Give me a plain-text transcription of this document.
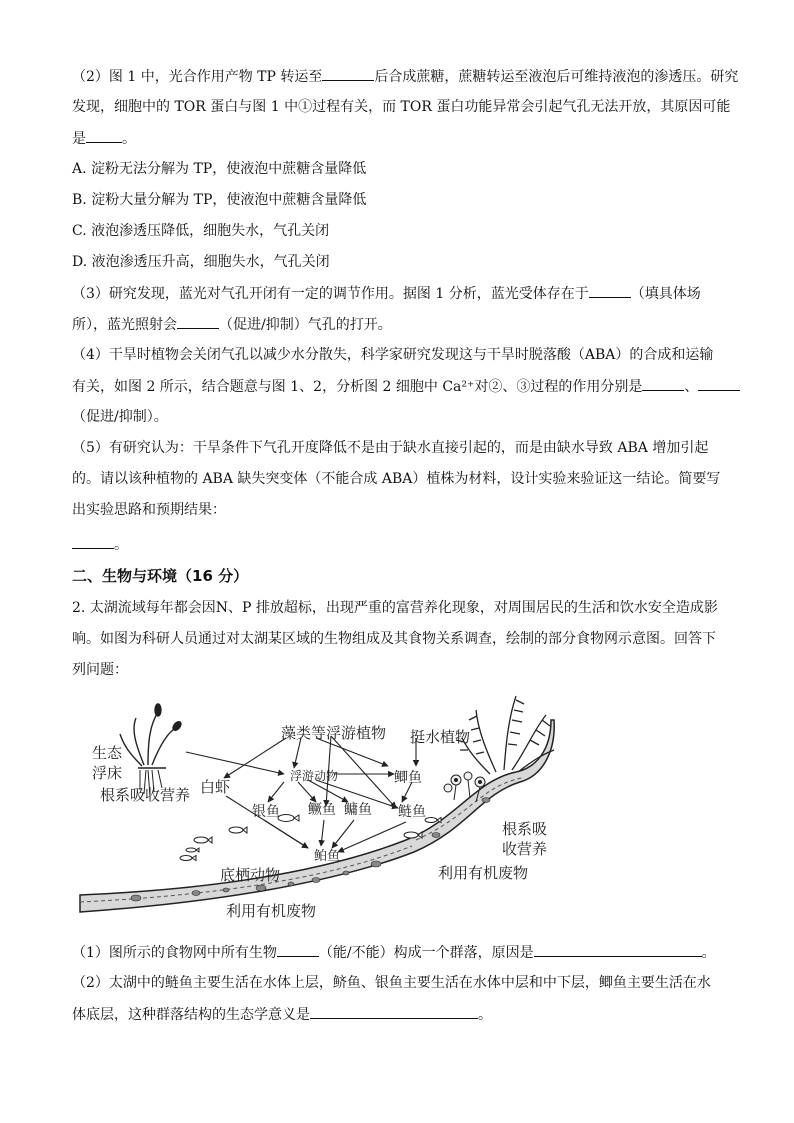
（2）图 1 中，光合作用产物 TP 转运至	后合成蔗糖，蔗糖转运至液泡后可维持液泡的渗透压。研究
发现，细胞中的 TOR 蛋白与图 1 中①过程有关，而 TOR 蛋白功能异常会引起气孔无法开放，其原因可能
是	。
A. 淀粉无法分解为 TP，使液泡中蔗糖含量降低
B. 淀粉大量分解为 TP，使液泡中蔗糖含量降低
C. 液泡渗透压降低，细胞失水，气孔关闭
D. 液泡渗透压升高，细胞失水，气孔关闭
（3）研究发现，蓝光对气孔开闭有一定的调节作用。据图 1 分析，蓝光受体存在于	（填具体场
所），蓝光照射会	（促进/抑制）气孔的打开。
（4）干旱时植物会关闭气孔以减少水分散失，科学家研究发现这与干旱时脱落酸（ABA）的合成和运输
有关，如图 2 所示，结合题意与图 1、2，分析图 2 细胞中 Ca²⁺对②、③过程的作用分别是	、
（促进/抑制）。
（5）有研究认为：干旱条件下气孔开度降低不是由于缺水直接引起的，而是由缺水导致 ABA 增加引起
的。请以该种植物的 ABA 缺失突变体（不能合成 ABA）植株为材料，设计实验来验证这一结论。简要写
出实验思路和预期结果：
。
二、生物与环境（16 分）
2. 太湖流域每年都会因N、P 排放超标，出现严重的富营养化现象，对周围居民的生活和饮水安全造成影
响。如图为科研人员通过对太湖某区域的生物组成及其食物关系调查，绘制的部分食物网示意图。回答下
列问题：
生态
浮床
根系吸收营养
藻类等浮游植物 挺水植物
白虾
浮游动物	鲫鱼
银鱼 鳜鱼 鳙鱼 鲢鱼
鲌鱼
根系吸
收营养
底栖动物	利用有机废物
利用有机废物
（1）图所示的食物网中所有生物	（能/不能）构成一个群落，原因是	。
（2）太湖中的鲢鱼主要生活在水体上层，鲚鱼、银鱼主要生活在水体中层和中下层，鲫鱼主要生活在水
体底层，这种群落结构的生态学意义是	。
